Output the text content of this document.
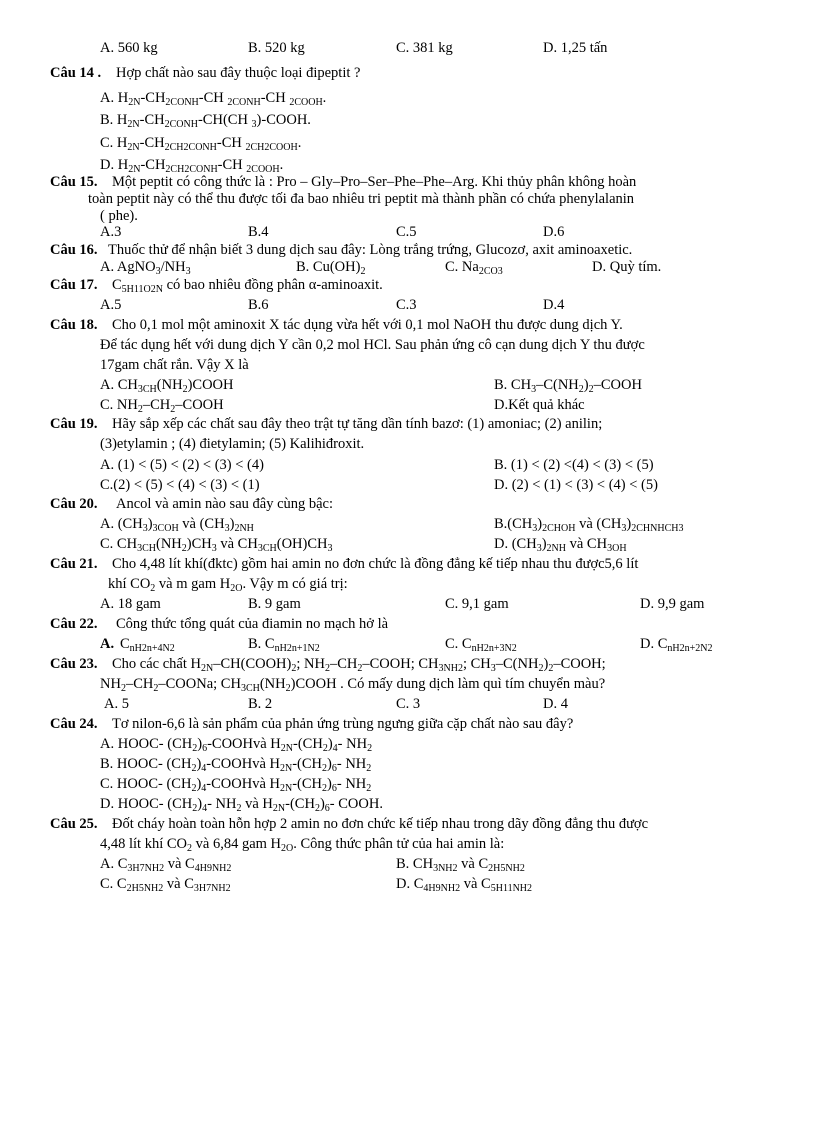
A. 560 kg	B. 520 kg	C. 381 kg	D. 1,25 tấn
Câu 14 . Hợp chất nào sau đây thuộc loại đipeptit ?
A. $H_{2N}-CH_{2CONH}-CH$ $_{2CONH}$-CH $_{2COOH}$.
B. $H_{2N}-CH_{2CONH}-CH(CH$ $_3$)-COOH.
C. $H_{2N}-CH_{2CH2CONH}-CH$ $_{2CH2COOH}$.
D. $H_{2N}-CH_{2CH2CONH}-CH$ $_{2COOH}$.
Câu 15. Một peptit có công thức là : Pro – Gly–Pro–Ser–Phe–Phe–Arg. Khi thủy phân không hoàn
toàn peptit này có thể thu được tối đa bao nhiêu tri peptit mà thành phần có chứa phenylalanin
( phe).
A.3	B.4	C.5	D.6
Câu 16. Thuốc thử để nhận biết 3 dung dịch sau đây: Lòng trắng trứng, Glucozơ, axit aminoaxetic.
A. $AgNO_3/NH_3$	B. $Cu(OH)_2$	C. $Na_{2CO3}$	D. Quỳ tím.
Câu 17. $C_{5H11O2N}$ có bao nhiêu đồng phân α-aminoaxit.
A.5	B.6	C.3	D.4
Câu 18. Cho 0,1 mol một aminoxit X tác dụng vừa hết với 0,1 mol NaOH thu được dung dịch Y.
Để tác dụng hết với dung dịch Y cần 0,2 mol HCl. Sau phản ứng cô cạn dung dịch Y thu được
17gam chất rắn. Vậy X là
A. $CH_{3CH}(NH_2)COOH$	B. $CH_3-C(NH_2)_2$–COOH
C. $NH_2-CH_2$–COOH	D.Kết quả khác
Câu 19. Hãy sắp xếp các chất sau đây theo trật tự tăng dần tính bazơ: (1) amoniac; (2) anilin;
(3)etylamin ; (4) đietylamin; (5) Kalihiđroxit.
A. (1) < (5) < (2) < (3) < (4)	B. (1) < (2) <(4) < (3) < (5)
C.(2) < (5) < (4) < (3) < (1)	D. (2) < (1) < (3) < (4) < (5)
Câu 20. Ancol và amin nào sau đây cùng bậc:
A. $(CH_3)_{3COH}$ và $(CH_3)_{2NH}$	$B.(CH_3)_{2CHOH}$ và $(CH_3)_{2CHNHCH3}$
C. $CH_{3CH}(NH_2)CH_3$ và $CH_{3CH}(OH)CH_3$	D. $(CH_3)_{2NH}$ và $CH_{3OH}$
Câu 21. Cho 4,48 lít khí(đktc) gồm hai amin no đơn chức là đồng đẳng kế tiếp nhau thu được5,6 lít
khí $CO_2$ và m gam $H_{2O}$. Vậy m có giá trị:
A. 18 gam	B. 9 gam	C. 9,1 gam	D. 9,9 gam
Câu 22. Công thức tổng quát của điamin no mạch hở là
A. $C_{nH2n+4N2}$	B. $C_{nH2n+1N2}$	C. $C_{nH2n+3N2}$	D. $C_{nH2n+2N2}$
Câu 23. Cho các chất $H_{2N}-CH(COOH)_2$; $NH_2-CH_2$–COOH; $CH_{3NH2}$; $CH_3-C(NH_2)_2$–COOH;
$NH_2-CH_2$–COONa; $CH_{3CH}(NH_2)COOH$ . Có mấy dung dịch làm quì tím chuyển màu?
A. 5	B. 2	C. 3	D. 4
Câu 24. Tơ nilon-6,6 là sản phẩm của phản ứng trùng ngưng giữa cặp chất nào sau đây?
A. HOOC- $(CH_2)_6$-COOHvà $H_{2N}-(CH_2)_4-$ $NH_2$
B. HOOC- $(CH_2)_4$-COOHvà $H_{2N}-(CH_2)_6-$ $NH_2$
C. HOOC- $(CH_2)_4$-COOHvà $H_{2N}-(CH_2)_6-$ $NH_2$
D. HOOC- $(CH_2)_4-$ $NH_2$ và $H_{2N}-(CH_2)_6-$ COOH.
Câu 25. Đốt cháy hoàn toàn hỗn hợp 2 amin no đơn chức kế tiếp nhau trong dãy đồng đẳng thu được
4,48 lít khí $CO_2$ và 6,84 gam $H_{2O}$. Công thức phân tử của hai amin là:
A. $C_{3H7NH2}$ và $C_{4H9NH2}$	B. $CH_{3NH2}$ và $C_{2H5NH2}$
C. $C_{2H5NH2}$ và $C_{3H7NH2}$	D. $C_{4H9NH2}$ và $C_{5H11NH2}$
